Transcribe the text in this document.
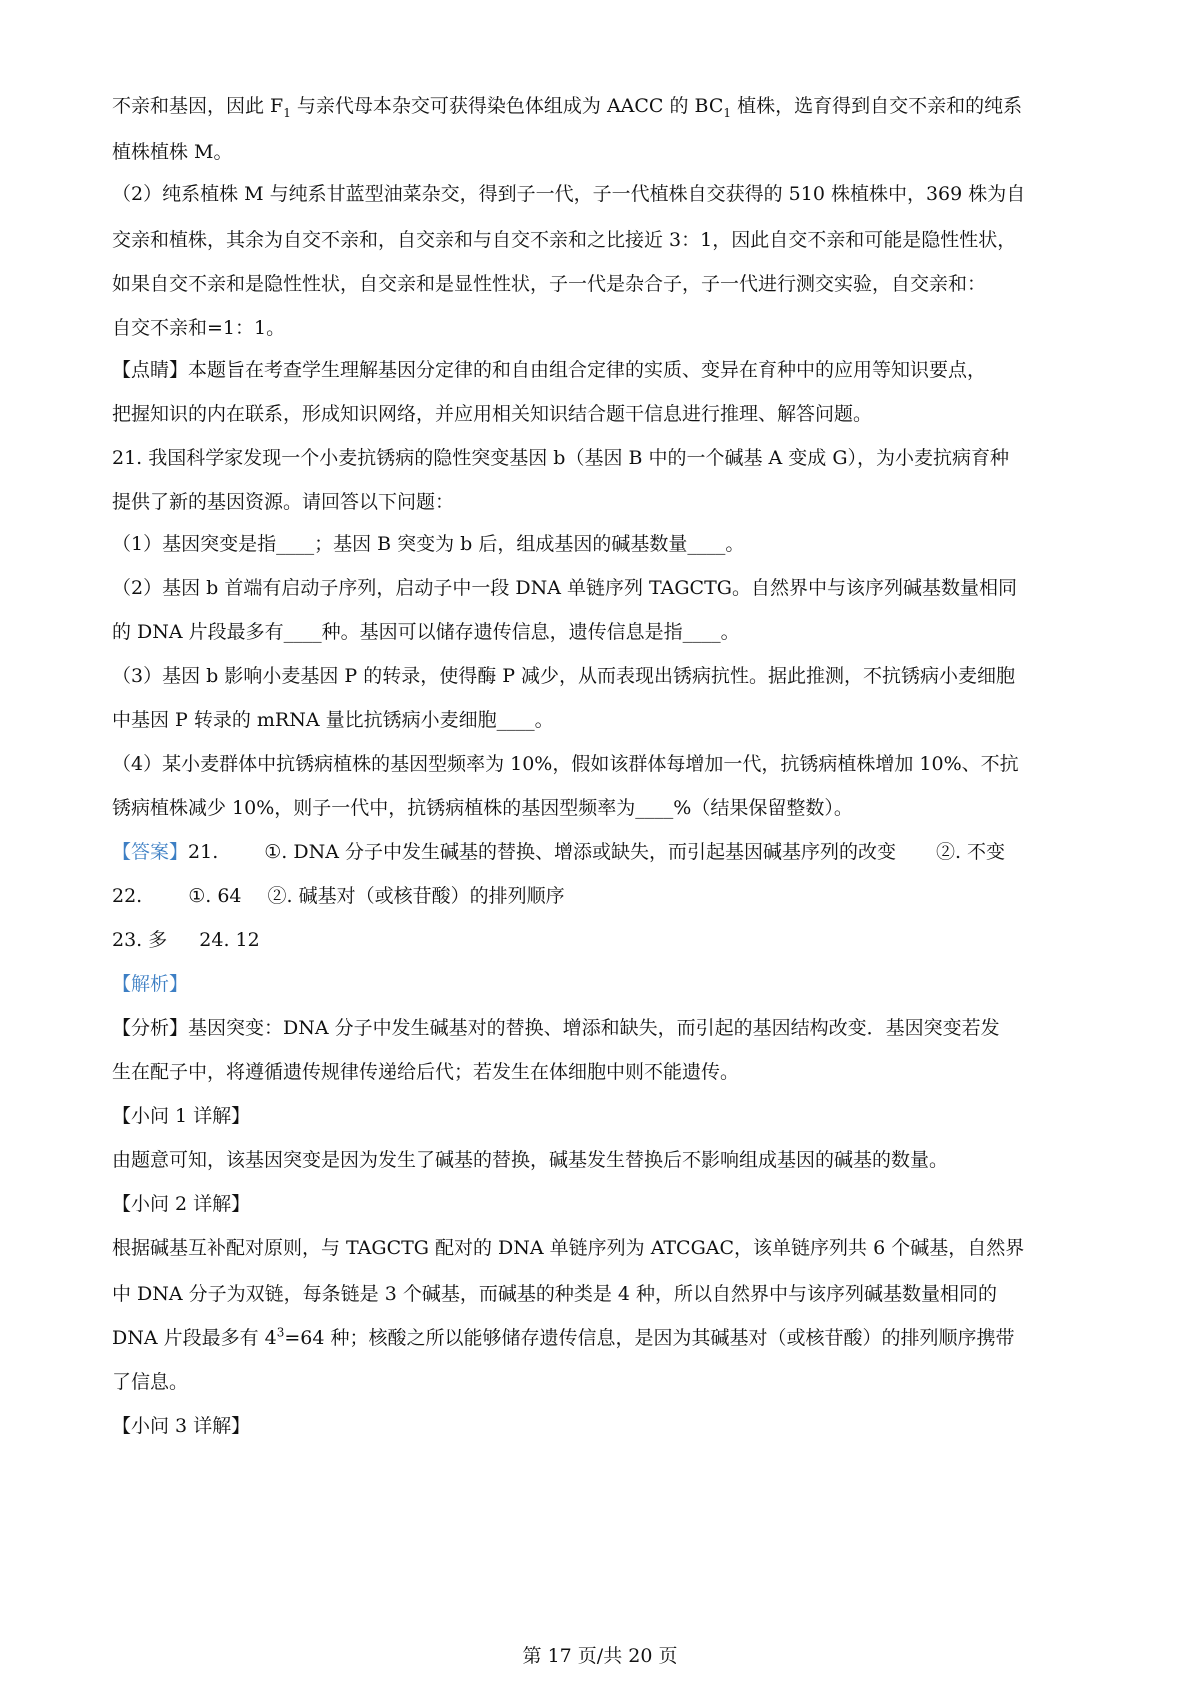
不亲和基因，因此 $F_1$ 与亲代母本杂交可获得染色体组成为 AACC 的 $BC_1$ 植株，选育得到自交不亲和的纯系
植株植株 M。
（2）纯系植株 M 与纯系甘蓝型油菜杂交，得到子一代，子一代植株自交获得的 510 株植株中，369 株为自
交亲和植株，其余为自交不亲和，自交亲和与自交不亲和之比接近 3：1，因此自交不亲和可能是隐性性状，
如果自交不亲和是隐性性状，自交亲和是显性性状，子一代是杂合子，子一代进行测交实验，自交亲和：
自交不亲和=1：1。
【点睛】本题旨在考查学生理解基因分定律的和自由组合定律的实质、变异在育种中的应用等知识要点，
把握知识的内在联系，形成知识网络，并应用相关知识结合题干信息进行推理、解答问题。
21. 我国科学家发现一个小麦抗锈病的隐性突变基因 b（基因 B 中的一个碱基 A 变成 G），为小麦抗病育种
提供了新的基因资源。请回答以下问题：
（1）基因突变是指____；基因 B 突变为 b 后，组成基因的碱基数量____。
（2）基因 b 首端有启动子序列，启动子中一段 DNA 单链序列 TAGCTG。自然界中与该序列碱基数量相同
的 DNA 片段最多有____种。基因可以储存遗传信息，遗传信息是指____。
（3）基因 b 影响小麦基因 P 的转录，使得酶 P 减少，从而表现出锈病抗性。据此推测，不抗锈病小麦细胞
中基因 P 转录的 mRNA 量比抗锈病小麦细胞____。
（4）某小麦群体中抗锈病植株的基因型频率为 10%，假如该群体每增加一代，抗锈病植株增加 10%、不抗
锈病植株减少 10%，则子一代中，抗锈病植株的基因型频率为____%（结果保留整数）。
【答案】21. ①. DNA 分子中发生碱基的替换、增添或缺失，而引起基因碱基序列的改变 ②. 不变
22. ①. 64 ②. 碱基对（或核苷酸）的排列顺序
23. 多 24. 12
【解析】
【分析】基因突变：DNA 分子中发生碱基对的替换、增添和缺失，而引起的基因结构改变．基因突变若发
生在配子中，将遵循遗传规律传递给后代；若发生在体细胞中则不能遗传。
【小问 1 详解】
由题意可知，该基因突变是因为发生了碱基的替换，碱基发生替换后不影响组成基因的碱基的数量。
【小问 2 详解】
根据碱基互补配对原则，与 TAGCTG 配对的 DNA 单链序列为 ATCGAC，该单链序列共 6 个碱基，自然界
中 DNA 分子为双链，每条链是 3 个碱基，而碱基的种类是 4 种，所以自然界中与该序列碱基数量相同的
DNA 片段最多有 $4^3=64$ 种；核酸之所以能够储存遗传信息，是因为其碱基对（或核苷酸）的排列顺序携带
了信息。
【小问 3 详解】
第 17 页/共 20 页
